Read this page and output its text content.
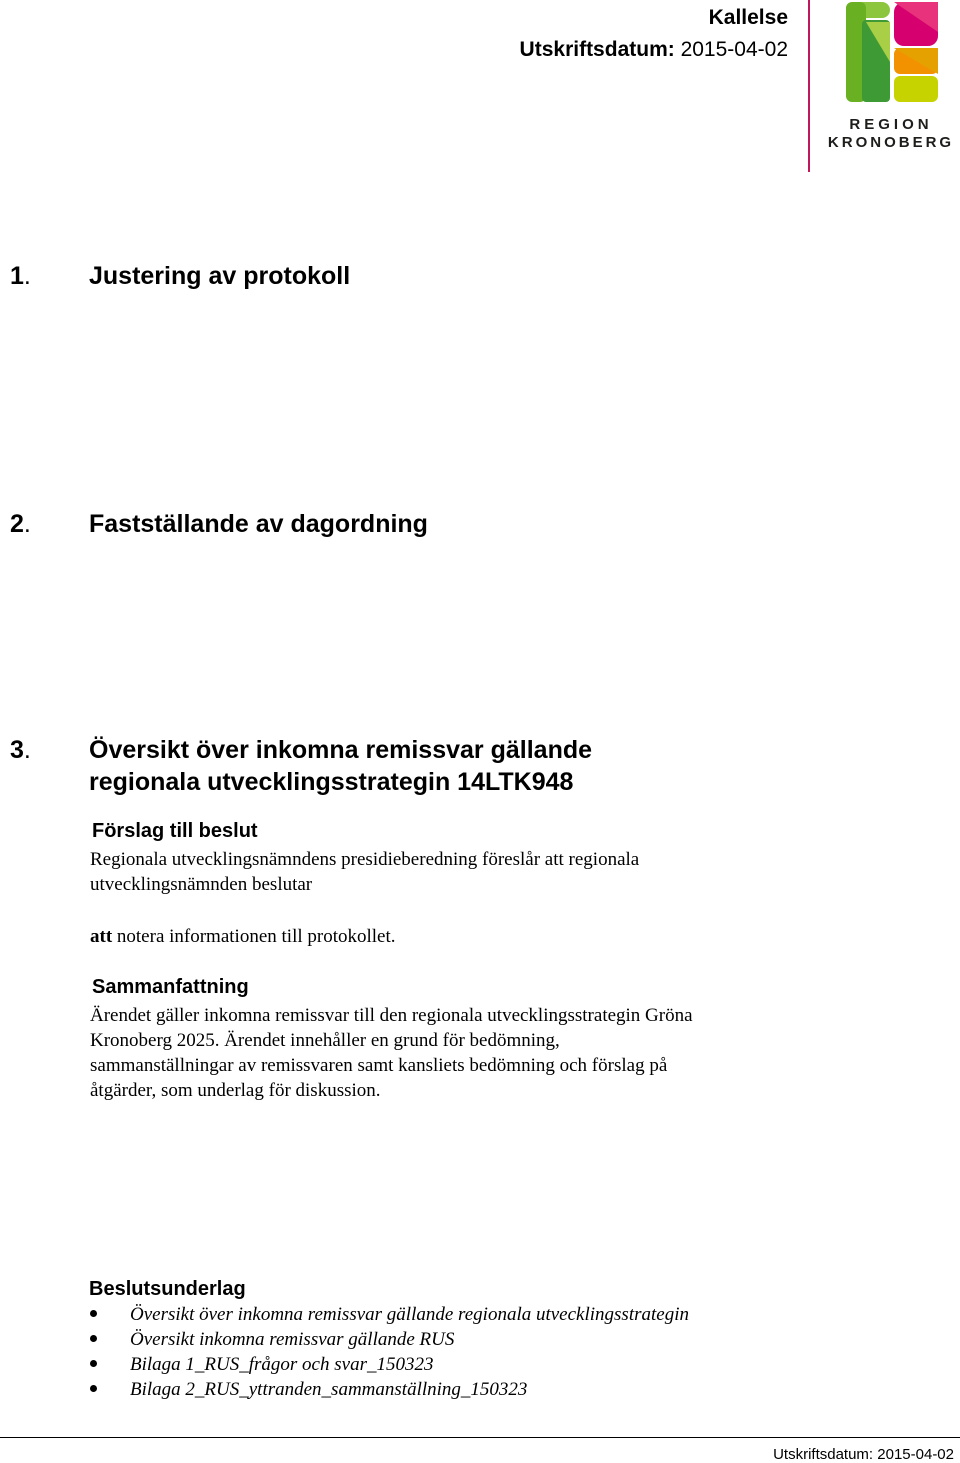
Kallelse
Utskriftsdatum: 2015-04-02
REGION
KRONOBERG
1. Justering av protokoll
2. Fastställande av dagordning
3. Översikt över inkomna remissvar gällande
regionala utvecklingsstrategin 14LTK948
Förslag till beslut
Regionala utvecklingsnämndens presidieberedning föreslår att regionala
utvecklingsnämnden beslutar
att notera informationen till protokollet.
Sammanfattning
Ärendet gäller inkomna remissvar till den regionala utvecklingsstrategin Gröna
Kronoberg 2025. Ärendet innehåller en grund för bedömning,
sammanställningar av remissvaren samt kansliets bedömning och förslag på
åtgärder, som underlag för diskussion.
Beslutsunderlag
Översikt över inkomna remissvar gällande regionala utvecklingsstrategin
Översikt inkomna remissvar gällande RUS
Bilaga 1_RUS_frågor och svar_150323
Bilaga 2_RUS_yttranden_sammanställning_150323
Utskriftsdatum: 2015-04-02
